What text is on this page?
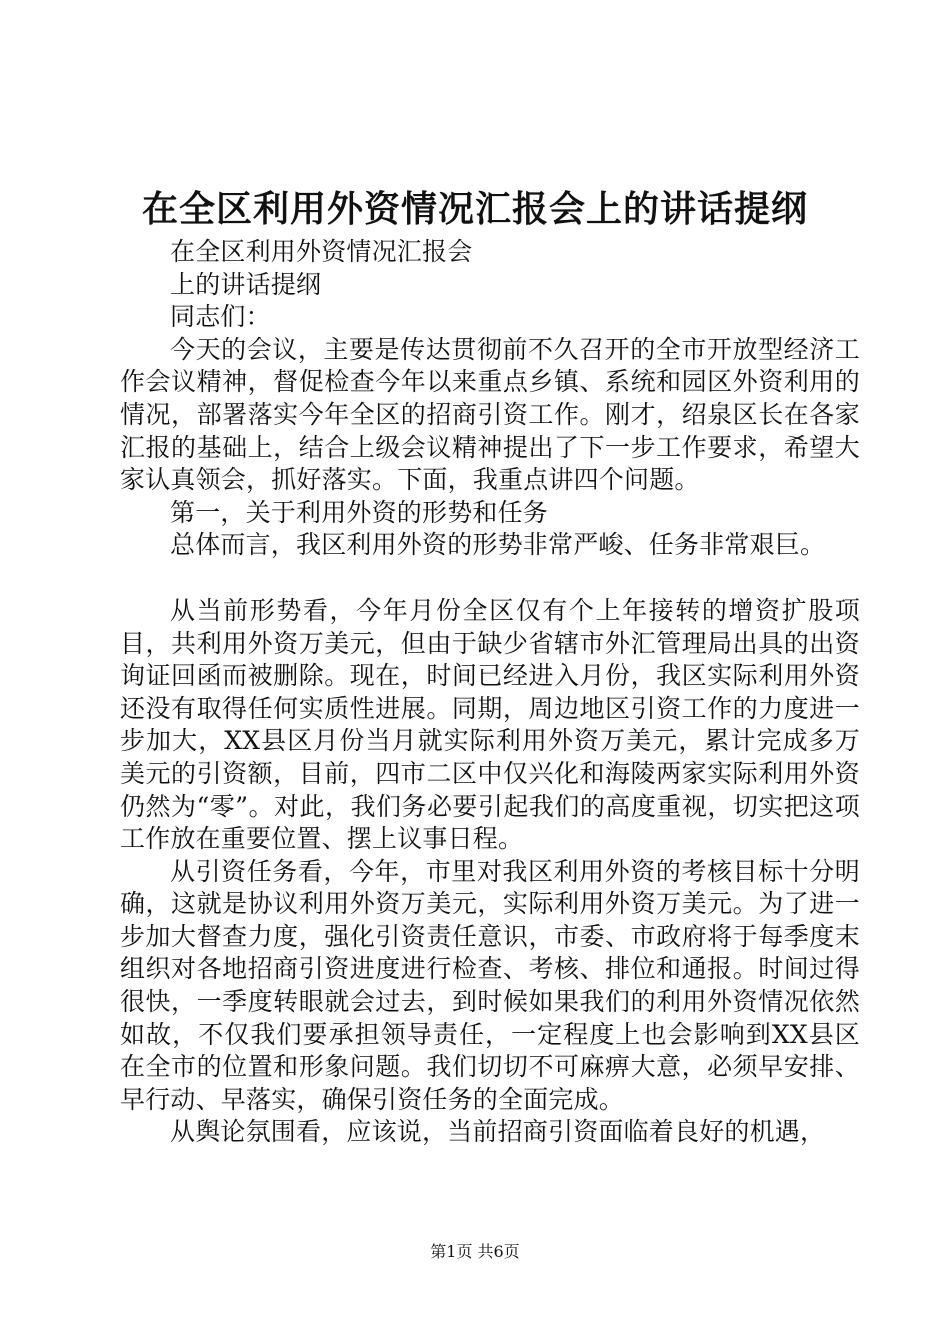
在全区利用外资情况汇报会上的讲话提纲

在全区利用外资情况汇报会

上的讲话提纲

同志们：

今天的会议，主要是传达贯彻前不久召开的全市开放型经济工作会议精神，督促检查今年以来重点乡镇、系统和园区外资利用的情况，部署落实今年全区的招商引资工作。刚才，绍泉区长在各家汇报的基础上，结合上级会议精神提出了下一步工作要求，希望大家认真领会，抓好落实。下面，我重点讲四个问题。

第一，关于利用外资的形势和任务

总体而言，我区利用外资的形势非常严峻、任务非常艰巨。

从当前形势看，今年月份全区仅有个上年接转的增资扩股项目，共利用外资万美元，但由于缺少省辖市外汇管理局出具的出资询证回函而被删除。现在，时间已经进入月份，我区实际利用外资还没有取得任何实质性进展。同期，周边地区引资工作的力度进一步加大，XX县区月份当月就实际利用外资万美元，累计完成多万美元的引资额，目前，四市二区中仅兴化和海陵两家实际利用外资仍然为“零”。对此，我们务必要引起我们的高度重视，切实把这项工作放在重要位置、摆上议事日程。

从引资任务看，今年，市里对我区利用外资的考核目标十分明确，这就是协议利用外资万美元，实际利用外资万美元。为了进一步加大督查力度，强化引资责任意识，市委、市政府将于每季度末组织对各地招商引资进度进行检查、考核、排位和通报。时间过得很快，一季度转眼就会过去，到时候如果我们的利用外资情况依然如故，不仅我们要承担领导责任，一定程度上也会影响到XX县区在全市的位置和形象问题。我们切切不可麻痹大意，必须早安排、早行动、早落实，确保引资任务的全面完成。

从舆论氛围看，应该说，当前招商引资面临着良好的机遇，

第1页 共6页
